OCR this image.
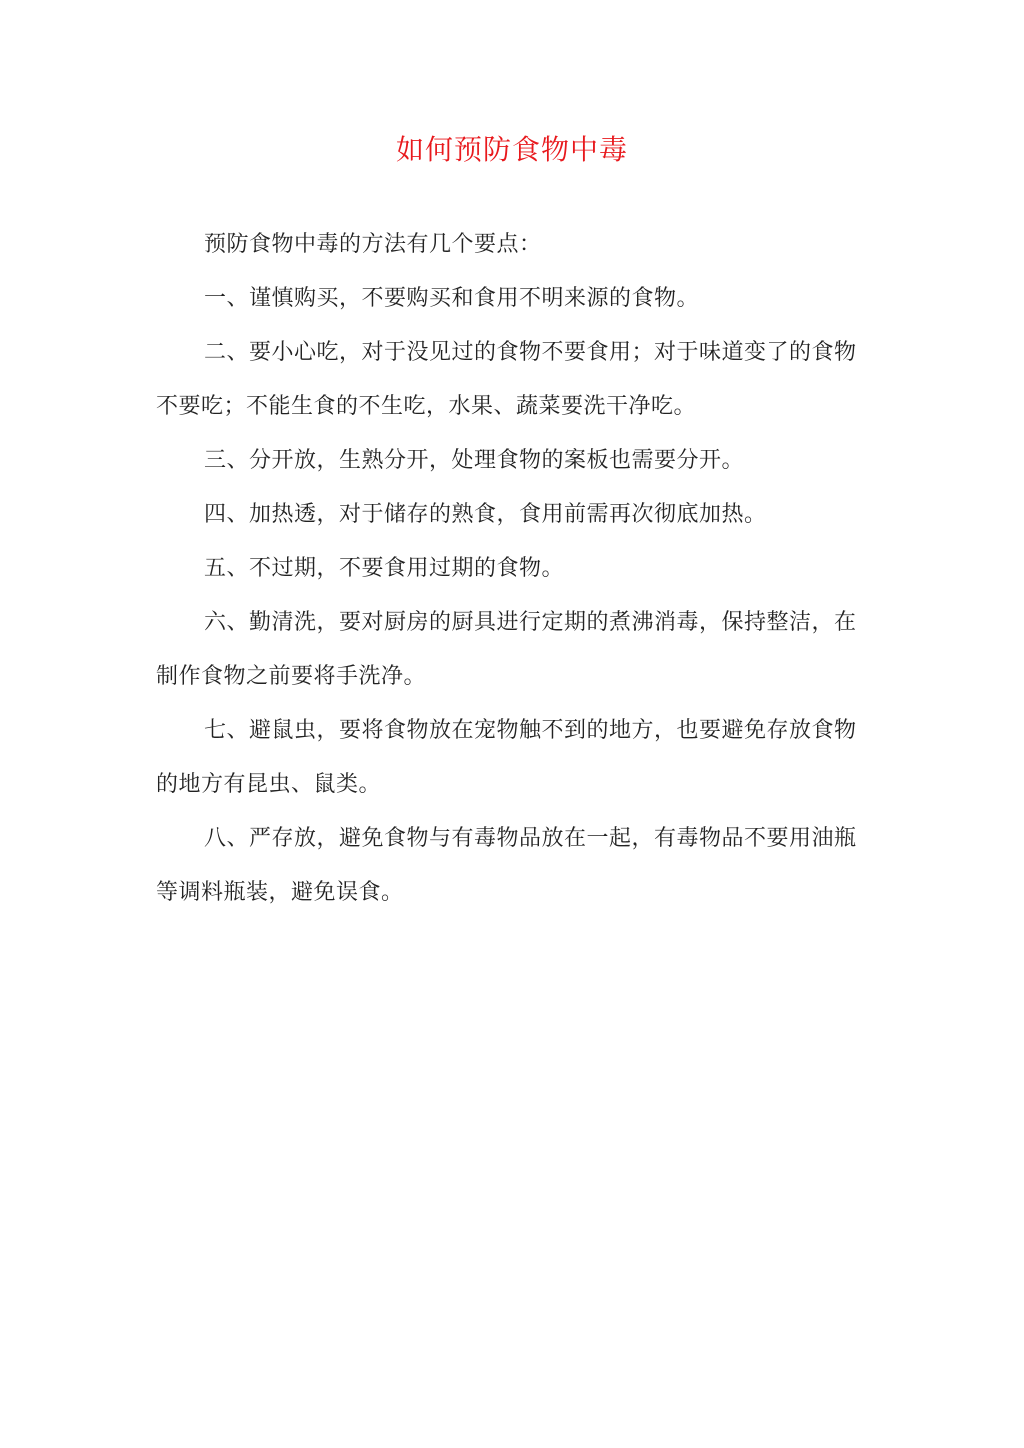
如何预防食物中毒

预防食物中毒的方法有几个要点：

一、谨慎购买，不要购买和食用不明来源的食物。

二、要小心吃，对于没见过的食物不要食用；对于味道变了的食物不要吃；不能生食的不生吃，水果、蔬菜要洗干净吃。

三、分开放，生熟分开，处理食物的案板也需要分开。

四、加热透，对于储存的熟食，食用前需再次彻底加热。

五、不过期，不要食用过期的食物。

六、勤清洗，要对厨房的厨具进行定期的煮沸消毒，保持整洁，在制作食物之前要将手洗净。

七、避鼠虫，要将食物放在宠物触不到的地方，也要避免存放食物的地方有昆虫、鼠类。

八、严存放，避免食物与有毒物品放在一起，有毒物品不要用油瓶等调料瓶装，避免误食。
